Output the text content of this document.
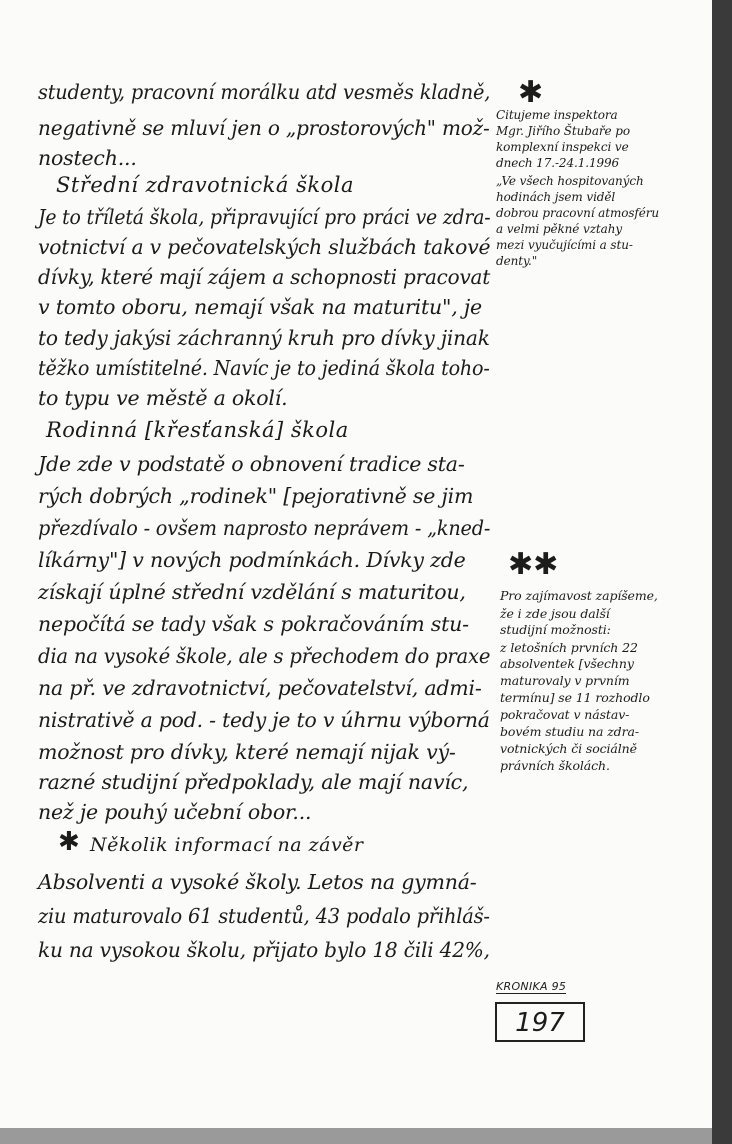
studenty, pracovní morálku atd vesměs kladně,
negativně se mluví jen o „prostorových" mož-
nostech...
Střední zdravotnická škola
Je to tříletá škola, připravující pro práci ve zdra-
votnictví a v pečovatelských službách takové
dívky, které mají zájem a schopnosti pracovat
v tomto oboru, nemají však na maturitu", je
to tedy jakýsi záchranný kruh pro dívky jinak
těžko umístitelné. Navíc je to jediná škola toho-
to typu ve městě a okolí.
Rodinná [křesťanská] škola
Jde zde v podstatě o obnovení tradice sta-
rých dobrých „rodinek" [pejorativně se jim
přezdívalo - ovšem naprosto neprávem - „kned-
líkárny"] v nových podmínkách. Dívky zde
získají úplné střední vzdělání s maturitou,
nepočítá se tady však s pokračováním stu-
dia na vysoké škole, ale s přechodem do praxe
na př. ve zdravotnictví, pečovatelství, admi-
nistrativě a pod. - tedy je to v úhrnu výborná
možnost pro dívky, které nemají nijak vý-
razné studijní předpoklady, ale mají navíc,
než je pouhý učební obor...
✱ Několik informací na závěr
Absolventi a vysoké školy. Letos na gymná-
ziu maturovalo 61 studentů, 43 podalo přihláš-
ku na vysokou školu, přijato bylo 18 čili 42%,
✱
Citujeme inspektora
Mgr. Jiřího Štubaře po
komplexní inspekci ve
dnech 17.-24.1.1996
„Ve všech hospitovaných
hodinách jsem viděl
dobrou pracovní atmosféru
a velmi pěkné vztahy
mezi vyučujícími a stu-
denty."
✱✱
Pro zajímavost zapíšeme,
že i zde jsou další
studijní možnosti:
z letošních prvních 22
absolventek [všechny
maturovaly v prvním
termínu] se 11 rozhodlo
pokračovat v nástav-
bovém studiu na zdra-
votnických či sociálně
právních školách.
KRONIKA 95
197
